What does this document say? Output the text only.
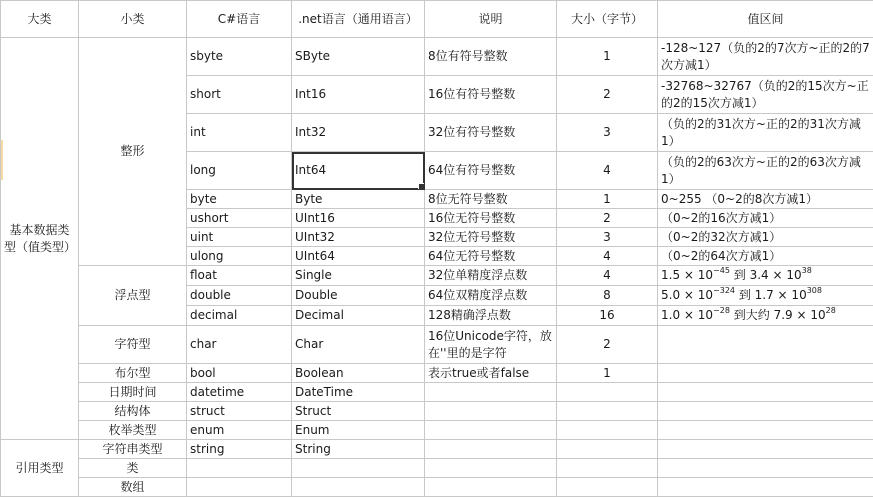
大类	小类	C#语言	.net语言（通用语言）	说明	大小（字节）	值区间
基本数据类型（值类型）	整形	sbyte	SByte	8位有符号整数	1	-128~127（负的2的7次方~正的2的7次方减1）
		short	Int16	16位有符号整数	2	-32768~32767（负的2的15次方~正的2的15次方减1）
		int	Int32	32位有符号整数	3	（负的2的31次方~正的2的31次方减1）
		long	Int64	64位有符号整数	4	（负的2的63次方~正的2的63次方减1）
		byte	Byte	8位无符号整数	1	0~255 （0~2的8次方减1）
		ushort	UInt16	16位无符号整数	2	（0~2的16次方减1）
		uint	UInt32	32位无符号整数	3	（0~2的32次方减1）
		ulong	UInt64	64位无符号整数	4	（0~2的64次方减1）
	浮点型	float	Single	32位单精度浮点数	4	$1.5 \times 10^{-45}$ 到 $3.4 \times 10^{38}$
		double	Double	64位双精度浮点数	8	$5.0 \times 10^{-324}$ 到 $1.7 \times 10^{308}$
		decimal	Decimal	128精确浮点数	16	$1.0 \times 10^{-28}$ 到大约 $7.9 \times 10^{28}$
	字符型	char	Char	16位Unicode字符，放在''里的是字符	2	
	布尔型	bool	Boolean	表示true或者false	1	
	日期时间	datetime	DateTime			
	结构体	struct	Struct			
	枚举类型	enum	Enum			
引用类型	字符串类型	string	String			
	类					
	数组					
